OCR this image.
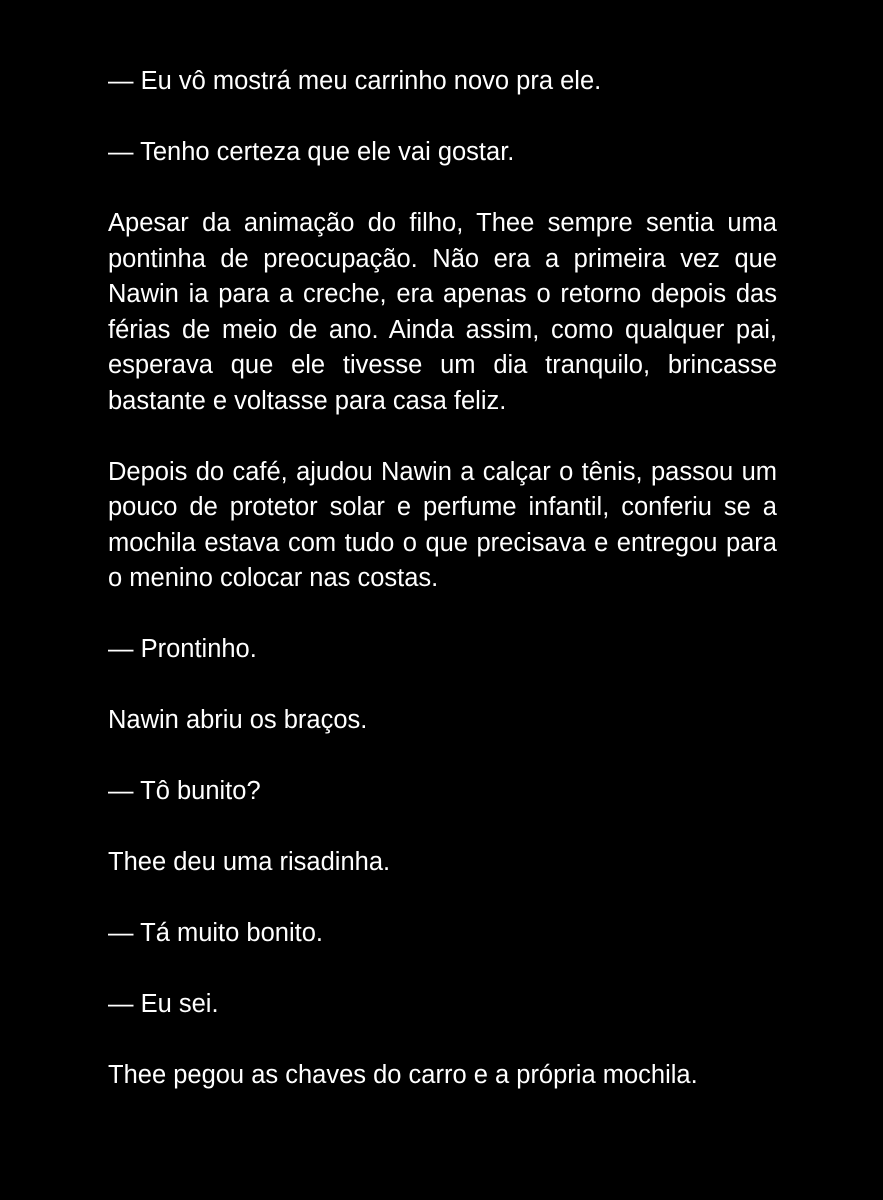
— Eu vô mostrá meu carrinho novo pra ele.

— Tenho certeza que ele vai gostar.

Apesar da animação do filho, Thee sempre sentia uma pontinha de preocupação. Não era a primeira vez que Nawin ia para a creche, era apenas o retorno depois das férias de meio de ano. Ainda assim, como qualquer pai, esperava que ele tivesse um dia tranquilo, brincasse bastante e voltasse para casa feliz.

Depois do café, ajudou Nawin a calçar o tênis, passou um pouco de protetor solar e perfume infantil, conferiu se a mochila estava com tudo o que precisava e entregou para o menino colocar nas costas.

— Prontinho.

Nawin abriu os braços.

— Tô bunito?

Thee deu uma risadinha.

— Tá muito bonito.

— Eu sei.

Thee pegou as chaves do carro e a própria mochila.
